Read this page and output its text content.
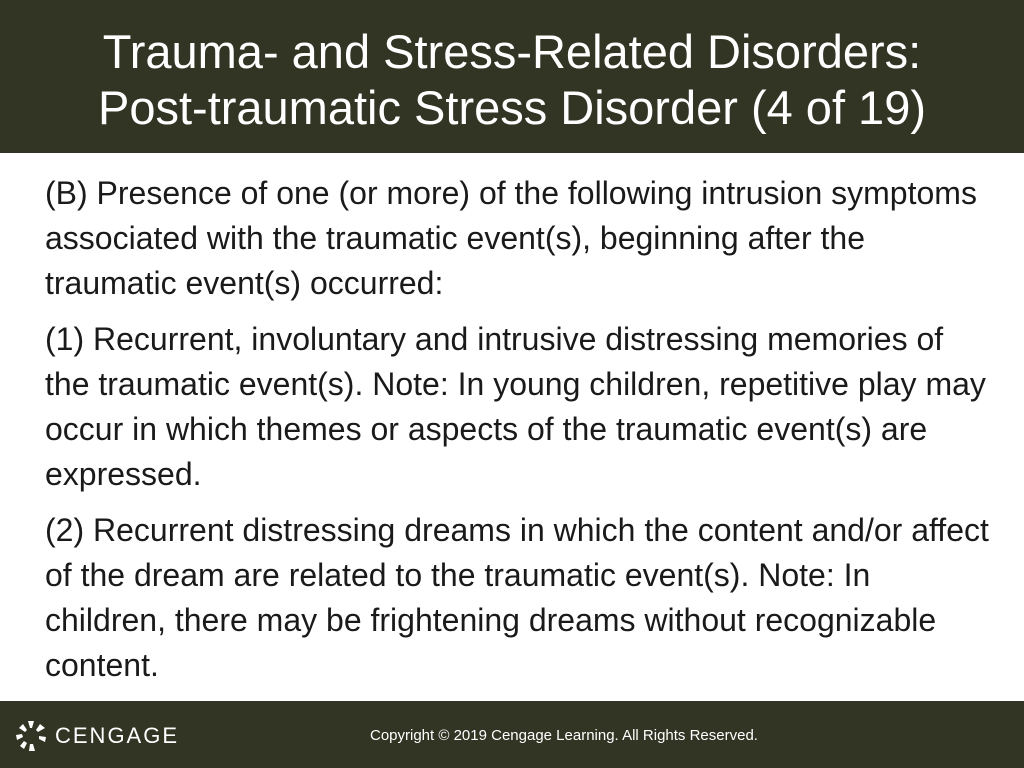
Trauma- and Stress-Related Disorders:
Post-traumatic Stress Disorder (4 of 19)

(B) Presence of one (or more) of the following intrusion symptoms associated with the traumatic event(s), beginning after the traumatic event(s) occurred:

(1) Recurrent, involuntary and intrusive distressing memories of the traumatic event(s). Note: In young children, repetitive play may occur in which themes or aspects of the traumatic event(s) are expressed.

(2) Recurrent distressing dreams in which the content and/or affect of the dream are related to the traumatic event(s). Note: In children, there may be frightening dreams without recognizable content.

CENGAGE	Copyright © 2019 Cengage Learning. All Rights Reserved.
